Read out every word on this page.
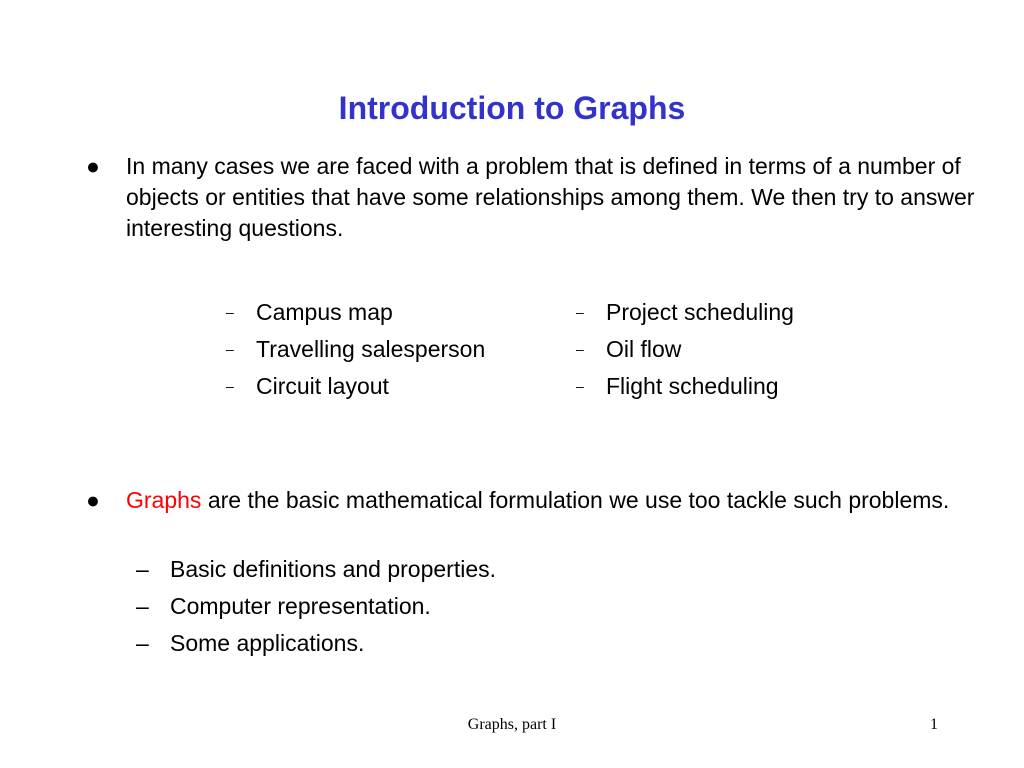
Introduction to Graphs
●	In many cases we are faced with a problem that is defined in terms of a number of objects or entities that have some relationships among them. We then try to answer interesting questions.
– Campus map
– Travelling salesperson
– Circuit layout
– Project scheduling
– Oil flow
– Flight scheduling
●	Graphs are the basic mathematical formulation we use too tackle such problems.
– Basic definitions and properties.
– Computer representation.
– Some applications.
Graphs, part I	1
